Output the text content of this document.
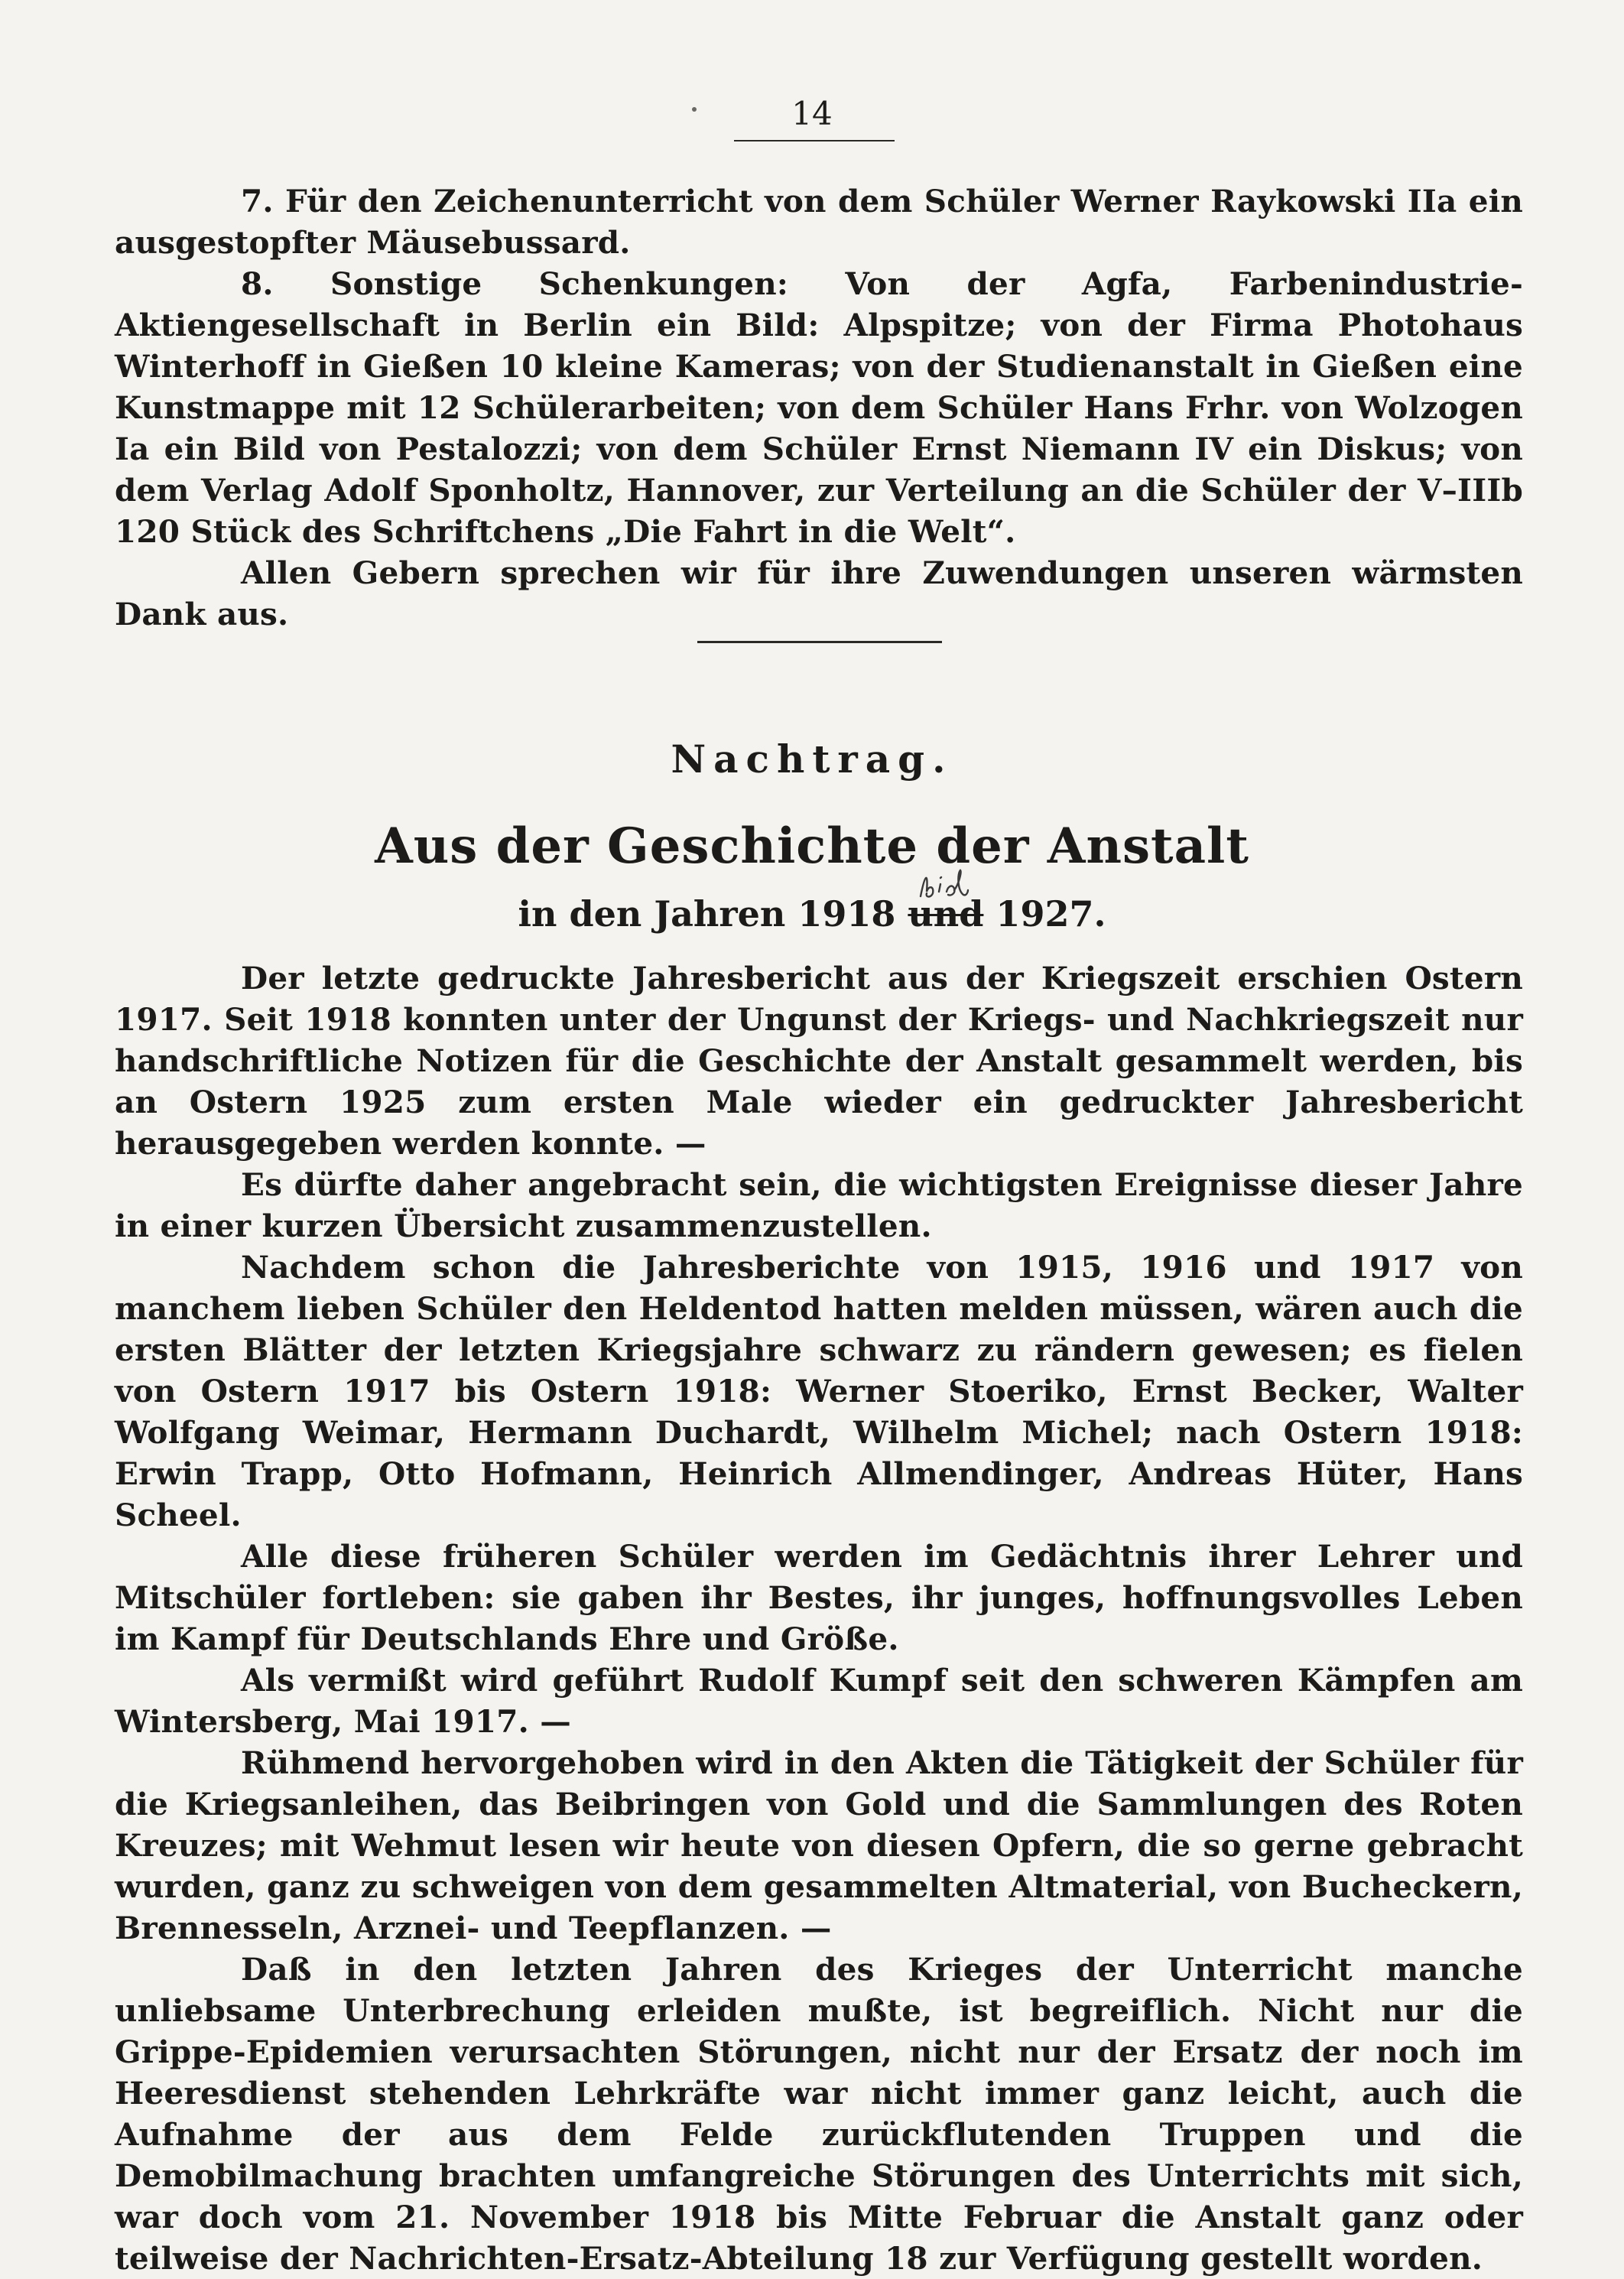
14

7. Für den Zeichenunterricht von dem Schüler Werner Raykowski IIa ein ausgestopfter Mäusebussard.

8. Sonstige Schenkungen: Von der Agfa, Farbenindustrie-Aktiengesellschaft in Berlin ein Bild: Alpspitze; von der Firma Photohaus Winterhoff in Gießen 10 kleine Kameras; von der Studienanstalt in Gießen eine Kunstmappe mit 12 Schülerarbeiten; von dem Schüler Hans Frhr. von Wolzogen Ia ein Bild von Pestalozzi; von dem Schüler Ernst Niemann IV ein Diskus; von dem Verlag Adolf Sponholtz, Hannover, zur Verteilung an die Schüler der V–IIIb 120 Stück des Schriftchens „Die Fahrt in die Welt“.

Allen Gebern sprechen wir für ihre Zuwendungen unseren wärmsten Dank aus.

Nachtrag.
Aus der Geschichte der Anstalt
in den Jahren 1918 und 1927.

Der letzte gedruckte Jahresbericht aus der Kriegszeit erschien Ostern 1917. Seit 1918 konnten unter der Ungunst der Kriegs- und Nachkriegszeit nur handschriftliche Notizen für die Geschichte der Anstalt gesammelt werden, bis an Ostern 1925 zum ersten Male wieder ein gedruckter Jahresbericht herausgegeben werden konnte. —

Es dürfte daher angebracht sein, die wichtigsten Ereignisse dieser Jahre in einer kurzen Übersicht zusammenzustellen.

Nachdem schon die Jahresberichte von 1915, 1916 und 1917 von manchem lieben Schüler den Heldentod hatten melden müssen, wären auch die ersten Blätter der letzten Kriegsjahre schwarz zu rändern gewesen; es fielen von Ostern 1917 bis Ostern 1918: Werner Stoeriko, Ernst Becker, Walter Wolfgang Weimar, Hermann Duchardt, Wilhelm Michel; nach Ostern 1918: Erwin Trapp, Otto Hofmann, Heinrich Allmendinger, Andreas Hüter, Hans Scheel.

Alle diese früheren Schüler werden im Gedächtnis ihrer Lehrer und Mitschüler fortleben: sie gaben ihr Bestes, ihr junges, hoffnungsvolles Leben im Kampf für Deutschlands Ehre und Größe.

Als vermißt wird geführt Rudolf Kumpf seit den schweren Kämpfen am Wintersberg, Mai 1917. —

Rühmend hervorgehoben wird in den Akten die Tätigkeit der Schüler für die Kriegsanleihen, das Beibringen von Gold und die Sammlungen des Roten Kreuzes; mit Wehmut lesen wir heute von diesen Opfern, die so gerne gebracht wurden, ganz zu schweigen von dem gesammelten Altmaterial, von Bucheckern, Brennesseln, Arznei- und Teepflanzen. —

Daß in den letzten Jahren des Krieges der Unterricht manche unliebsame Unterbrechung erleiden mußte, ist begreiflich. Nicht nur die Grippe-Epidemien verursachten Störungen, nicht nur der Ersatz der noch im Heeresdienst stehenden Lehrkräfte war nicht immer ganz leicht, auch die Aufnahme der aus dem Felde zurückflutenden Truppen und die Demobilmachung brachten umfangreiche Störungen des Unterrichts mit sich, war doch vom 21. November 1918 bis Mitte Februar die Anstalt ganz oder teilweise der Nachrichten-Ersatz-Abteilung 18 zur Verfügung gestellt worden.
